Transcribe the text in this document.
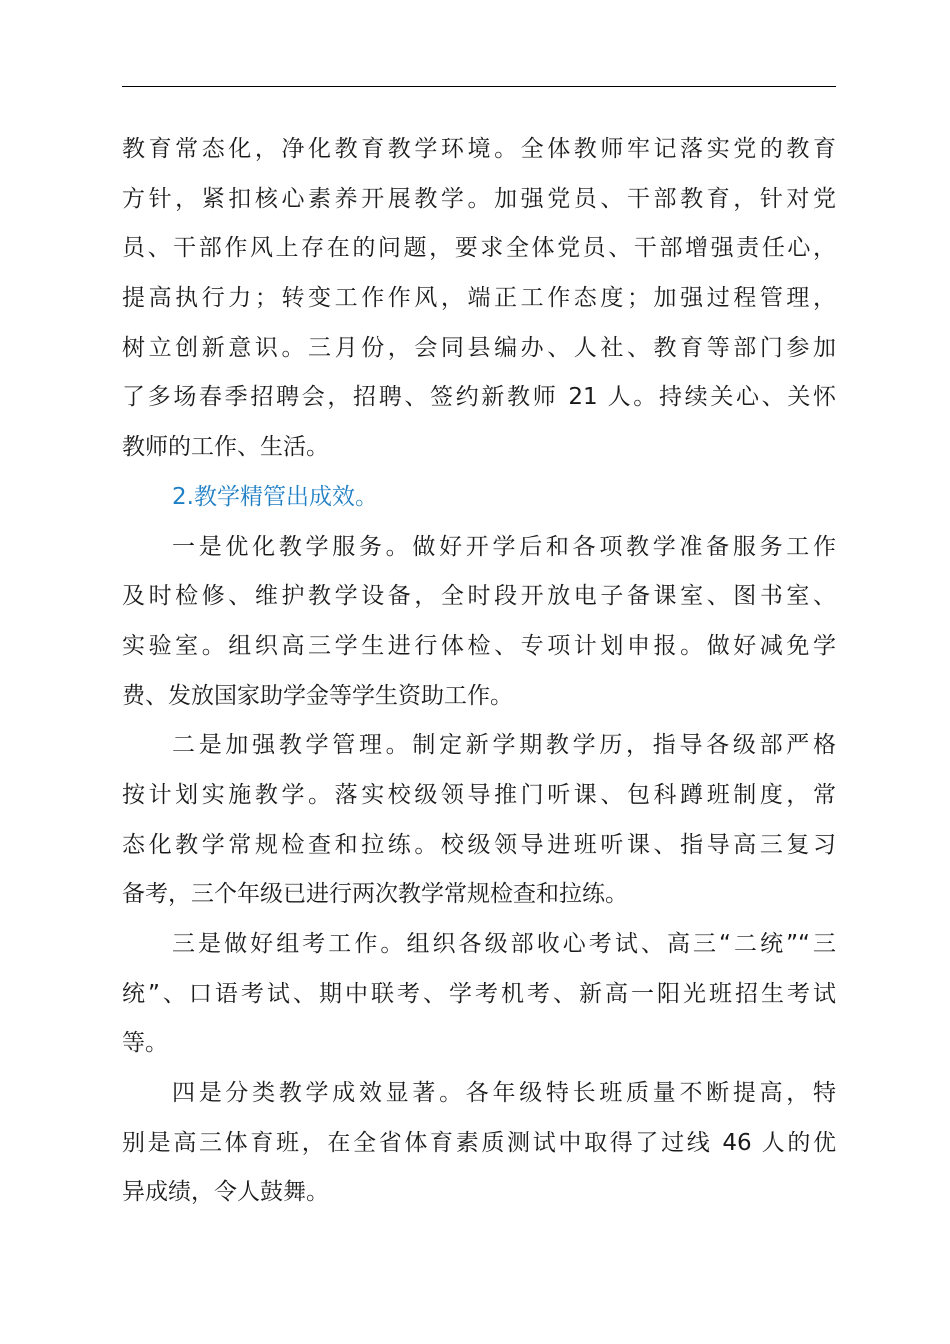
教育常态化，净化教育教学环境。全体教师牢记落实党的教育
方针，紧扣核心素养开展教学。加强党员、干部教育，针对党
员、干部作风上存在的问题，要求全体党员、干部增强责任心，
提高执行力；转变工作作风，端正工作态度；加强过程管理，
树立创新意识。三月份，会同县编办、人社、教育等部门参加
了多场春季招聘会，招聘、签约新教师 21 人。持续关心、关怀
教师的工作、生活。
2.教学精管出成效。
一是优化教学服务。做好开学后和各项教学准备服务工作
及时检修、维护教学设备，全时段开放电子备课室、图书室、
实验室。组织高三学生进行体检、专项计划申报。做好减免学
费、发放国家助学金等学生资助工作。
二是加强教学管理。制定新学期教学历，指导各级部严格
按计划实施教学。落实校级领导推门听课、包科蹲班制度，常
态化教学常规检查和拉练。校级领导进班听课、指导高三复习
备考，三个年级已进行两次教学常规检查和拉练。
三是做好组考工作。组织各级部收心考试、高三“二统”“三
统”、口语考试、期中联考、学考机考、新高一阳光班招生考试
等。
四是分类教学成效显著。各年级特长班质量不断提高，特
别是高三体育班，在全省体育素质测试中取得了过线 46 人的优
异成绩，令人鼓舞。
